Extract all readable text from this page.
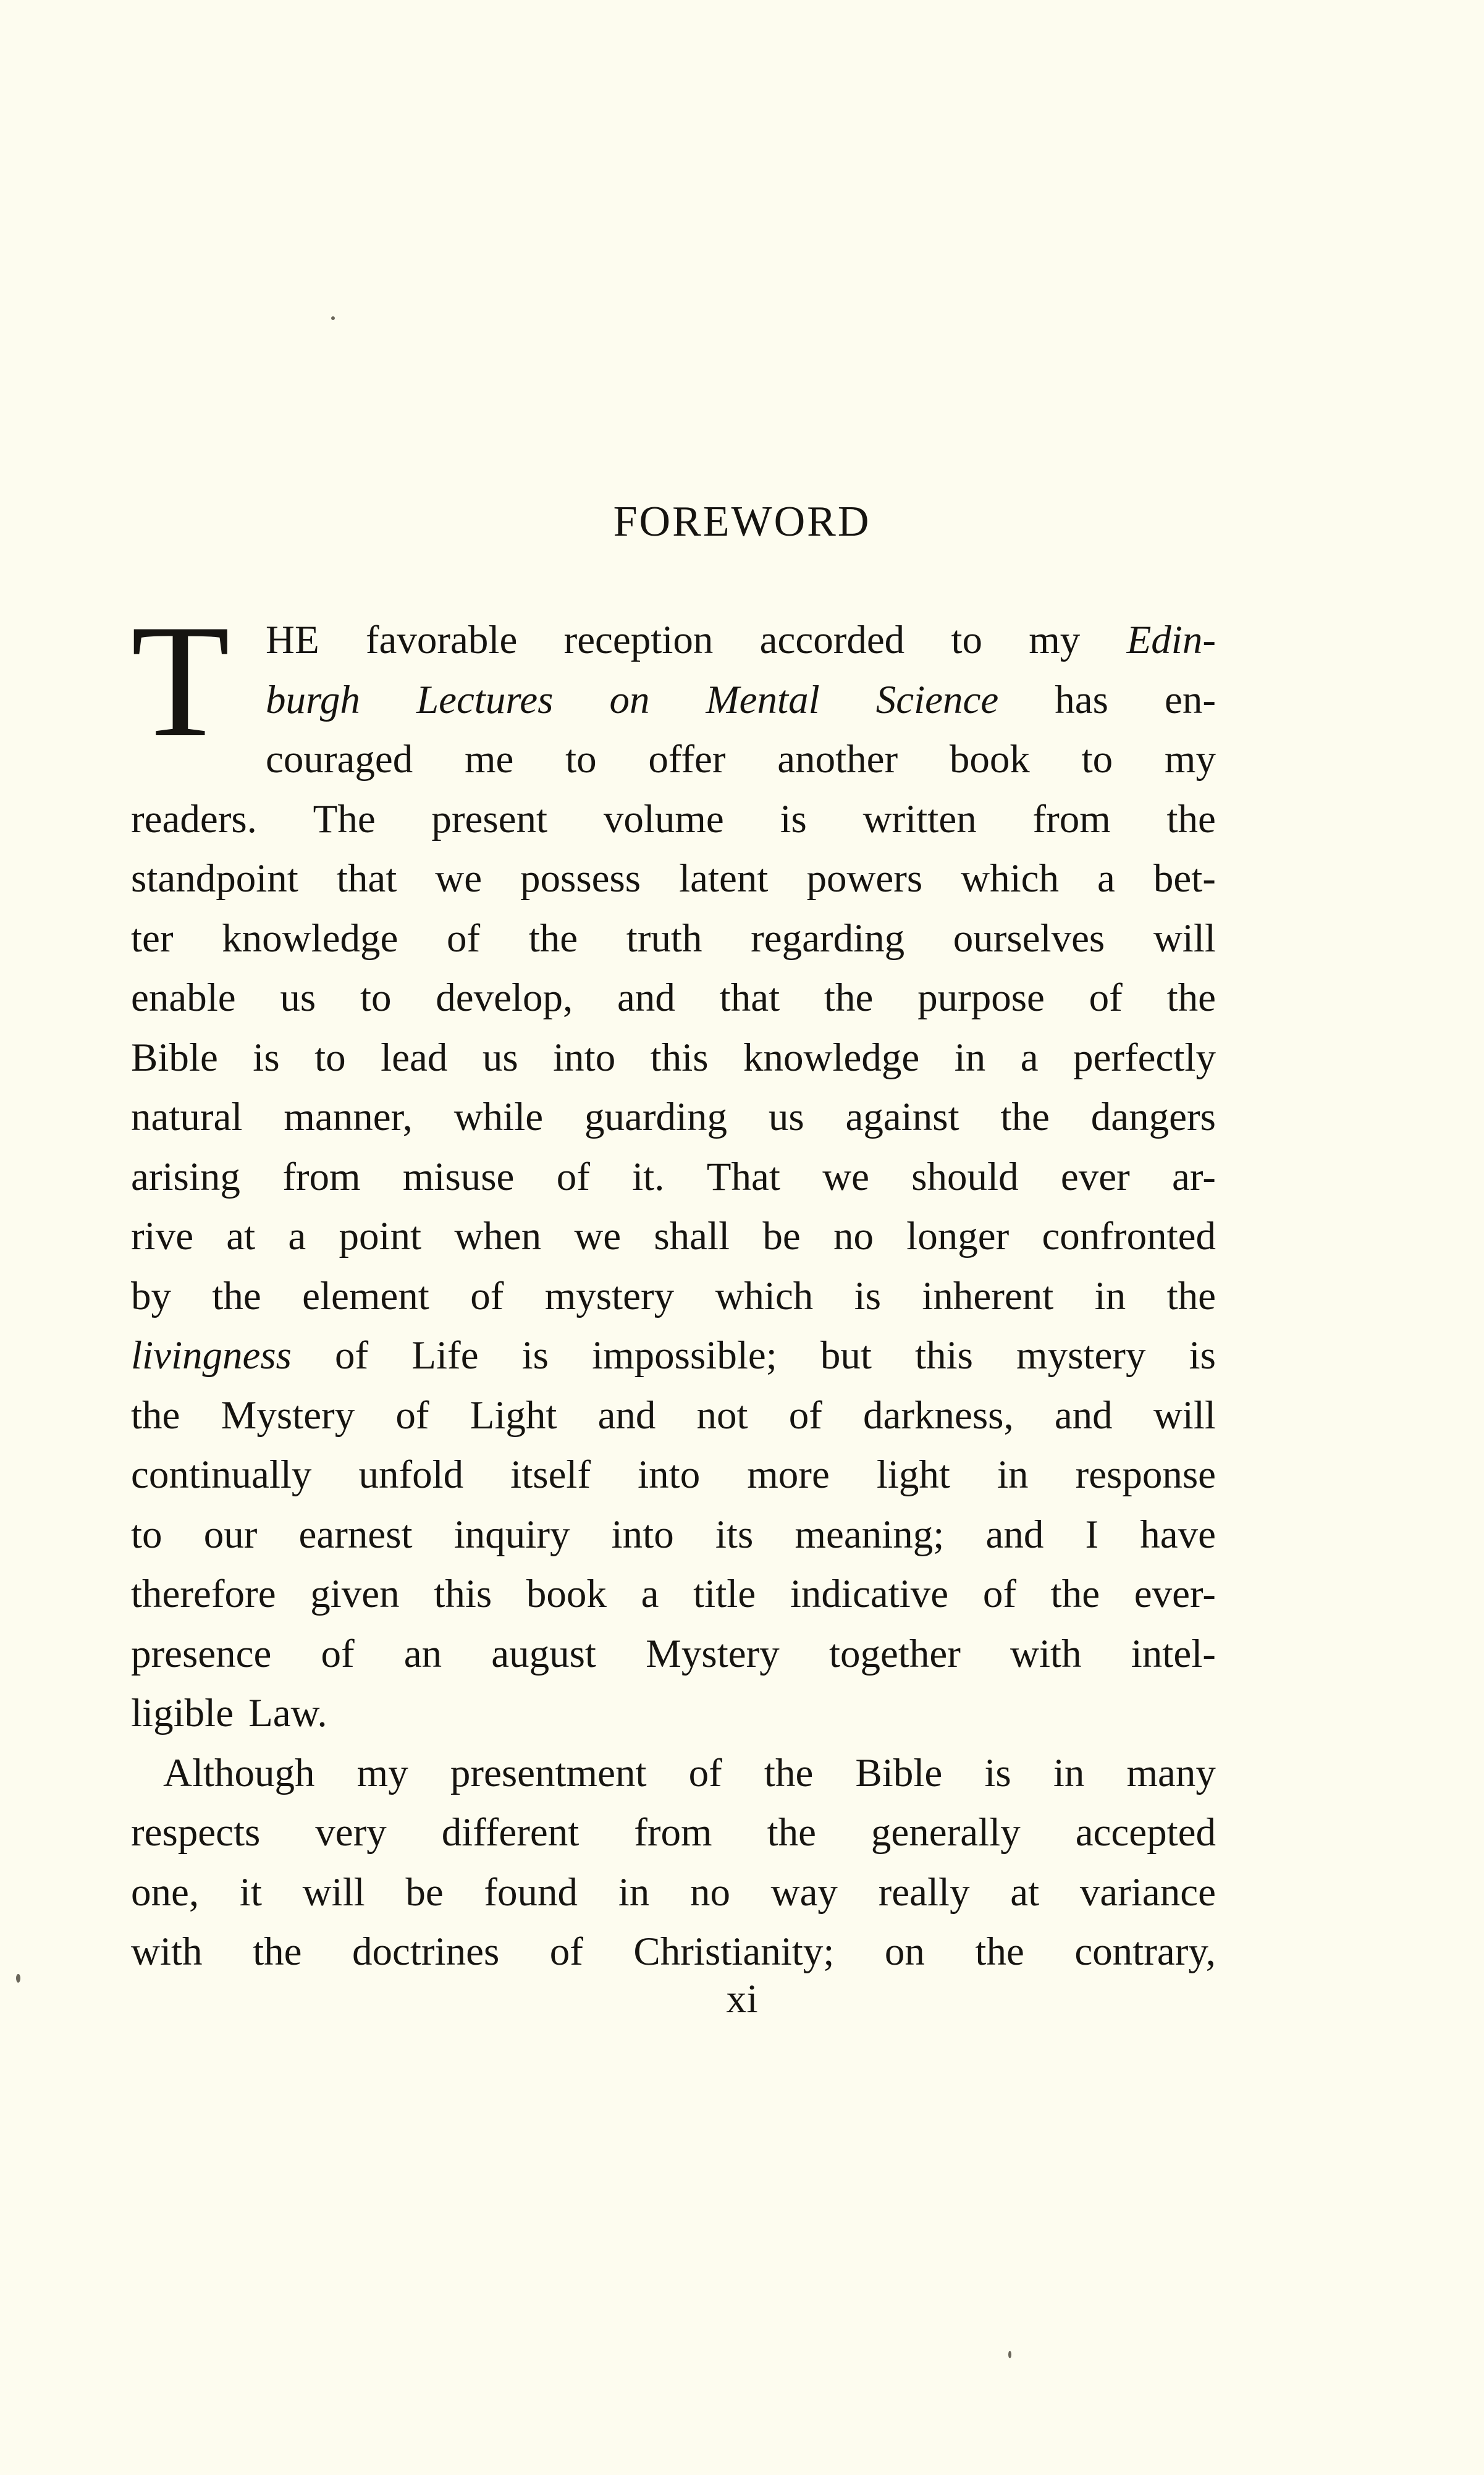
FOREWORD
T HE favorable reception accorded to my Edin-
burgh Lectures on Mental Science has en-
couraged me to offer another book to my
readers. The present volume is written from the
standpoint that we possess latent powers which a bet-
ter knowledge of the truth regarding ourselves will
enable us to develop, and that the purpose of the
Bible is to lead us into this knowledge in a perfectly
natural manner, while guarding us against the dangers
arising from misuse of it. That we should ever ar-
rive at a point when we shall be no longer confronted
by the element of mystery which is inherent in the
livingness of Life is impossible; but this mystery is
the Mystery of Light and not of darkness, and will
continually unfold itself into more light in response
to our earnest inquiry into its meaning; and I have
therefore given this book a title indicative of the ever-
presence of an august Mystery together with intel-
ligible Law.
Although my presentment of the Bible is in many
respects very different from the generally accepted
one, it will be found in no way really at variance
with the doctrines of Christianity; on the contrary,
xi
